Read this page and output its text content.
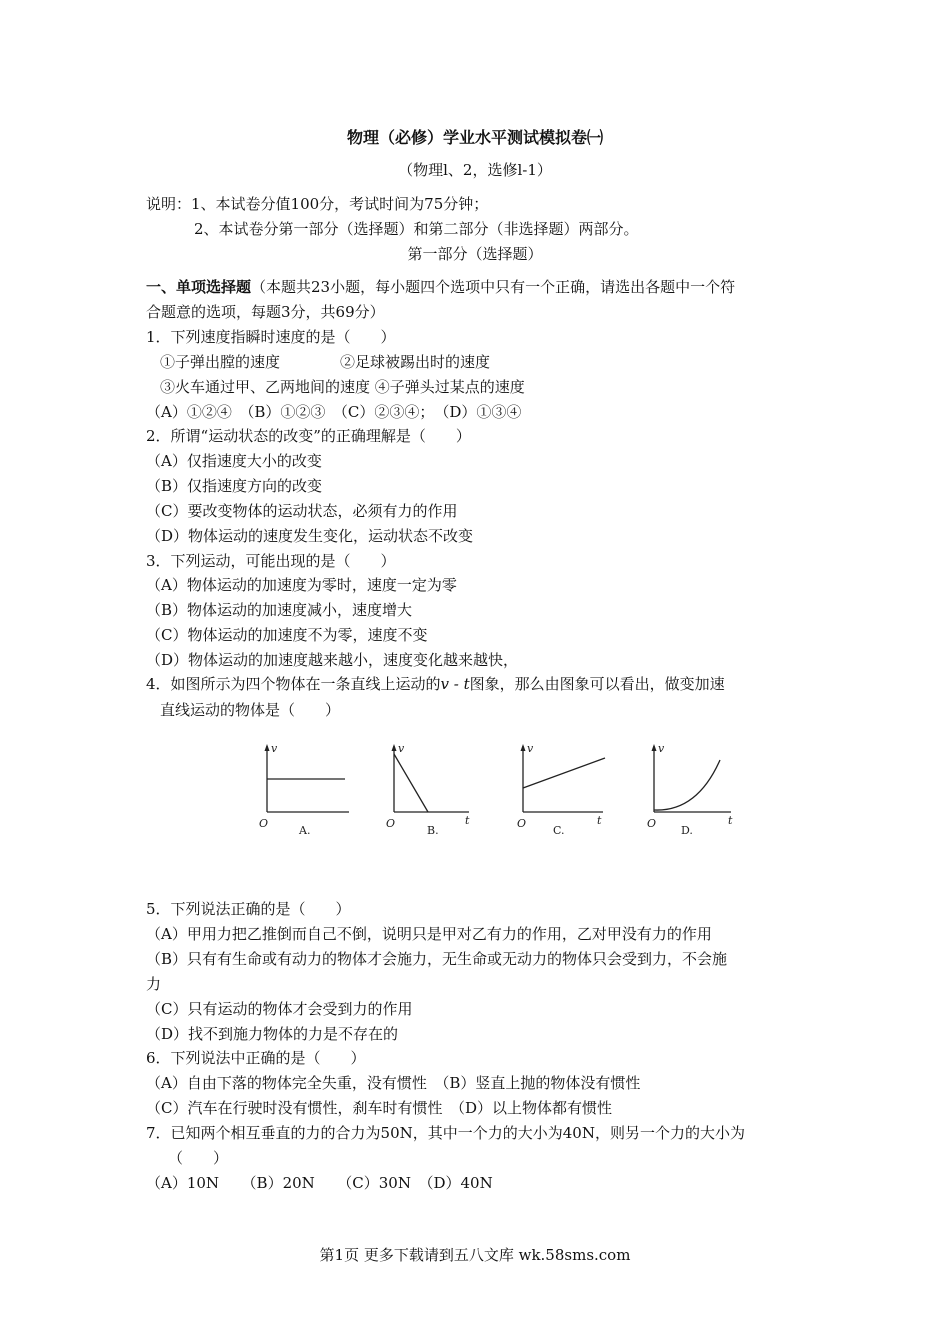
物理（必修）学业水平测试模拟卷㈠
（物理l、2，选修l-1）
说明：1、本试卷分值100分，考试时间为75分钟；
2、本试卷分第一部分（选择题）和第二部分（非选择题）两部分。
第一部分（选择题）
一、单项选择题（本题共23小题，每小题四个选项中只有一个正确，请选出各题中一个符
合题意的选项，每题3分，共69分）
1．下列速度指瞬时速度的是（　　）
①子弹出膛的速度　　　　②足球被踢出时的速度
③火车通过甲、乙两地间的速度 ④子弹头过某点的速度
（A）①②④　（B）①②③　（C）②③④；　（D）①③④
2．所谓“运动状态的改变”的正确理解是（　　）
（A）仅指速度大小的改变
（B）仅指速度方向的改变
（C）要改变物体的运动状态，必须有力的作用
（D）物体运动的速度发生变化，运动状态不改变
3．下列运动，可能出现的是（　　）
（A）物体运动的加速度为零时，速度一定为零
（B）物体运动的加速度减小，速度增大
（C）物体运动的加速度不为零，速度不变
（D）物体运动的加速度越来越小，速度变化越来越快，
4．如图所示为四个物体在一条直线上运动的v - t图象，那么由图象可以看出，做变加速
直线运动的物体是（　　）
v
O
A.
v
t
O
B.
v
t
O
C.
v
t
O
D.
5．下列说法正确的是（　　）
（A）甲用力把乙推倒而自己不倒，说明只是甲对乙有力的作用，乙对甲没有力的作用
（B）只有有生命或有动力的物体才会施力，无生命或无动力的物体只会受到力，不会施
力
（C）只有运动的物体才会受到力的作用
（D）找不到施力物体的力是不存在的
6．下列说法中正确的是（　　）
（A）自由下落的物体完全失重，没有惯性　（B）竖直上抛的物体没有惯性
（C）汽车在行驶时没有惯性，刹车时有惯性　（D）以上物体都有惯性
7．已知两个相互垂直的力的合力为50N，其中一个力的大小为40N，则另一个力的大小为
（　　）
（A）10N　　（B）20N　　（C）30N　（D）40N
第1页 更多下载请到五八文库 wk.58sms.com
